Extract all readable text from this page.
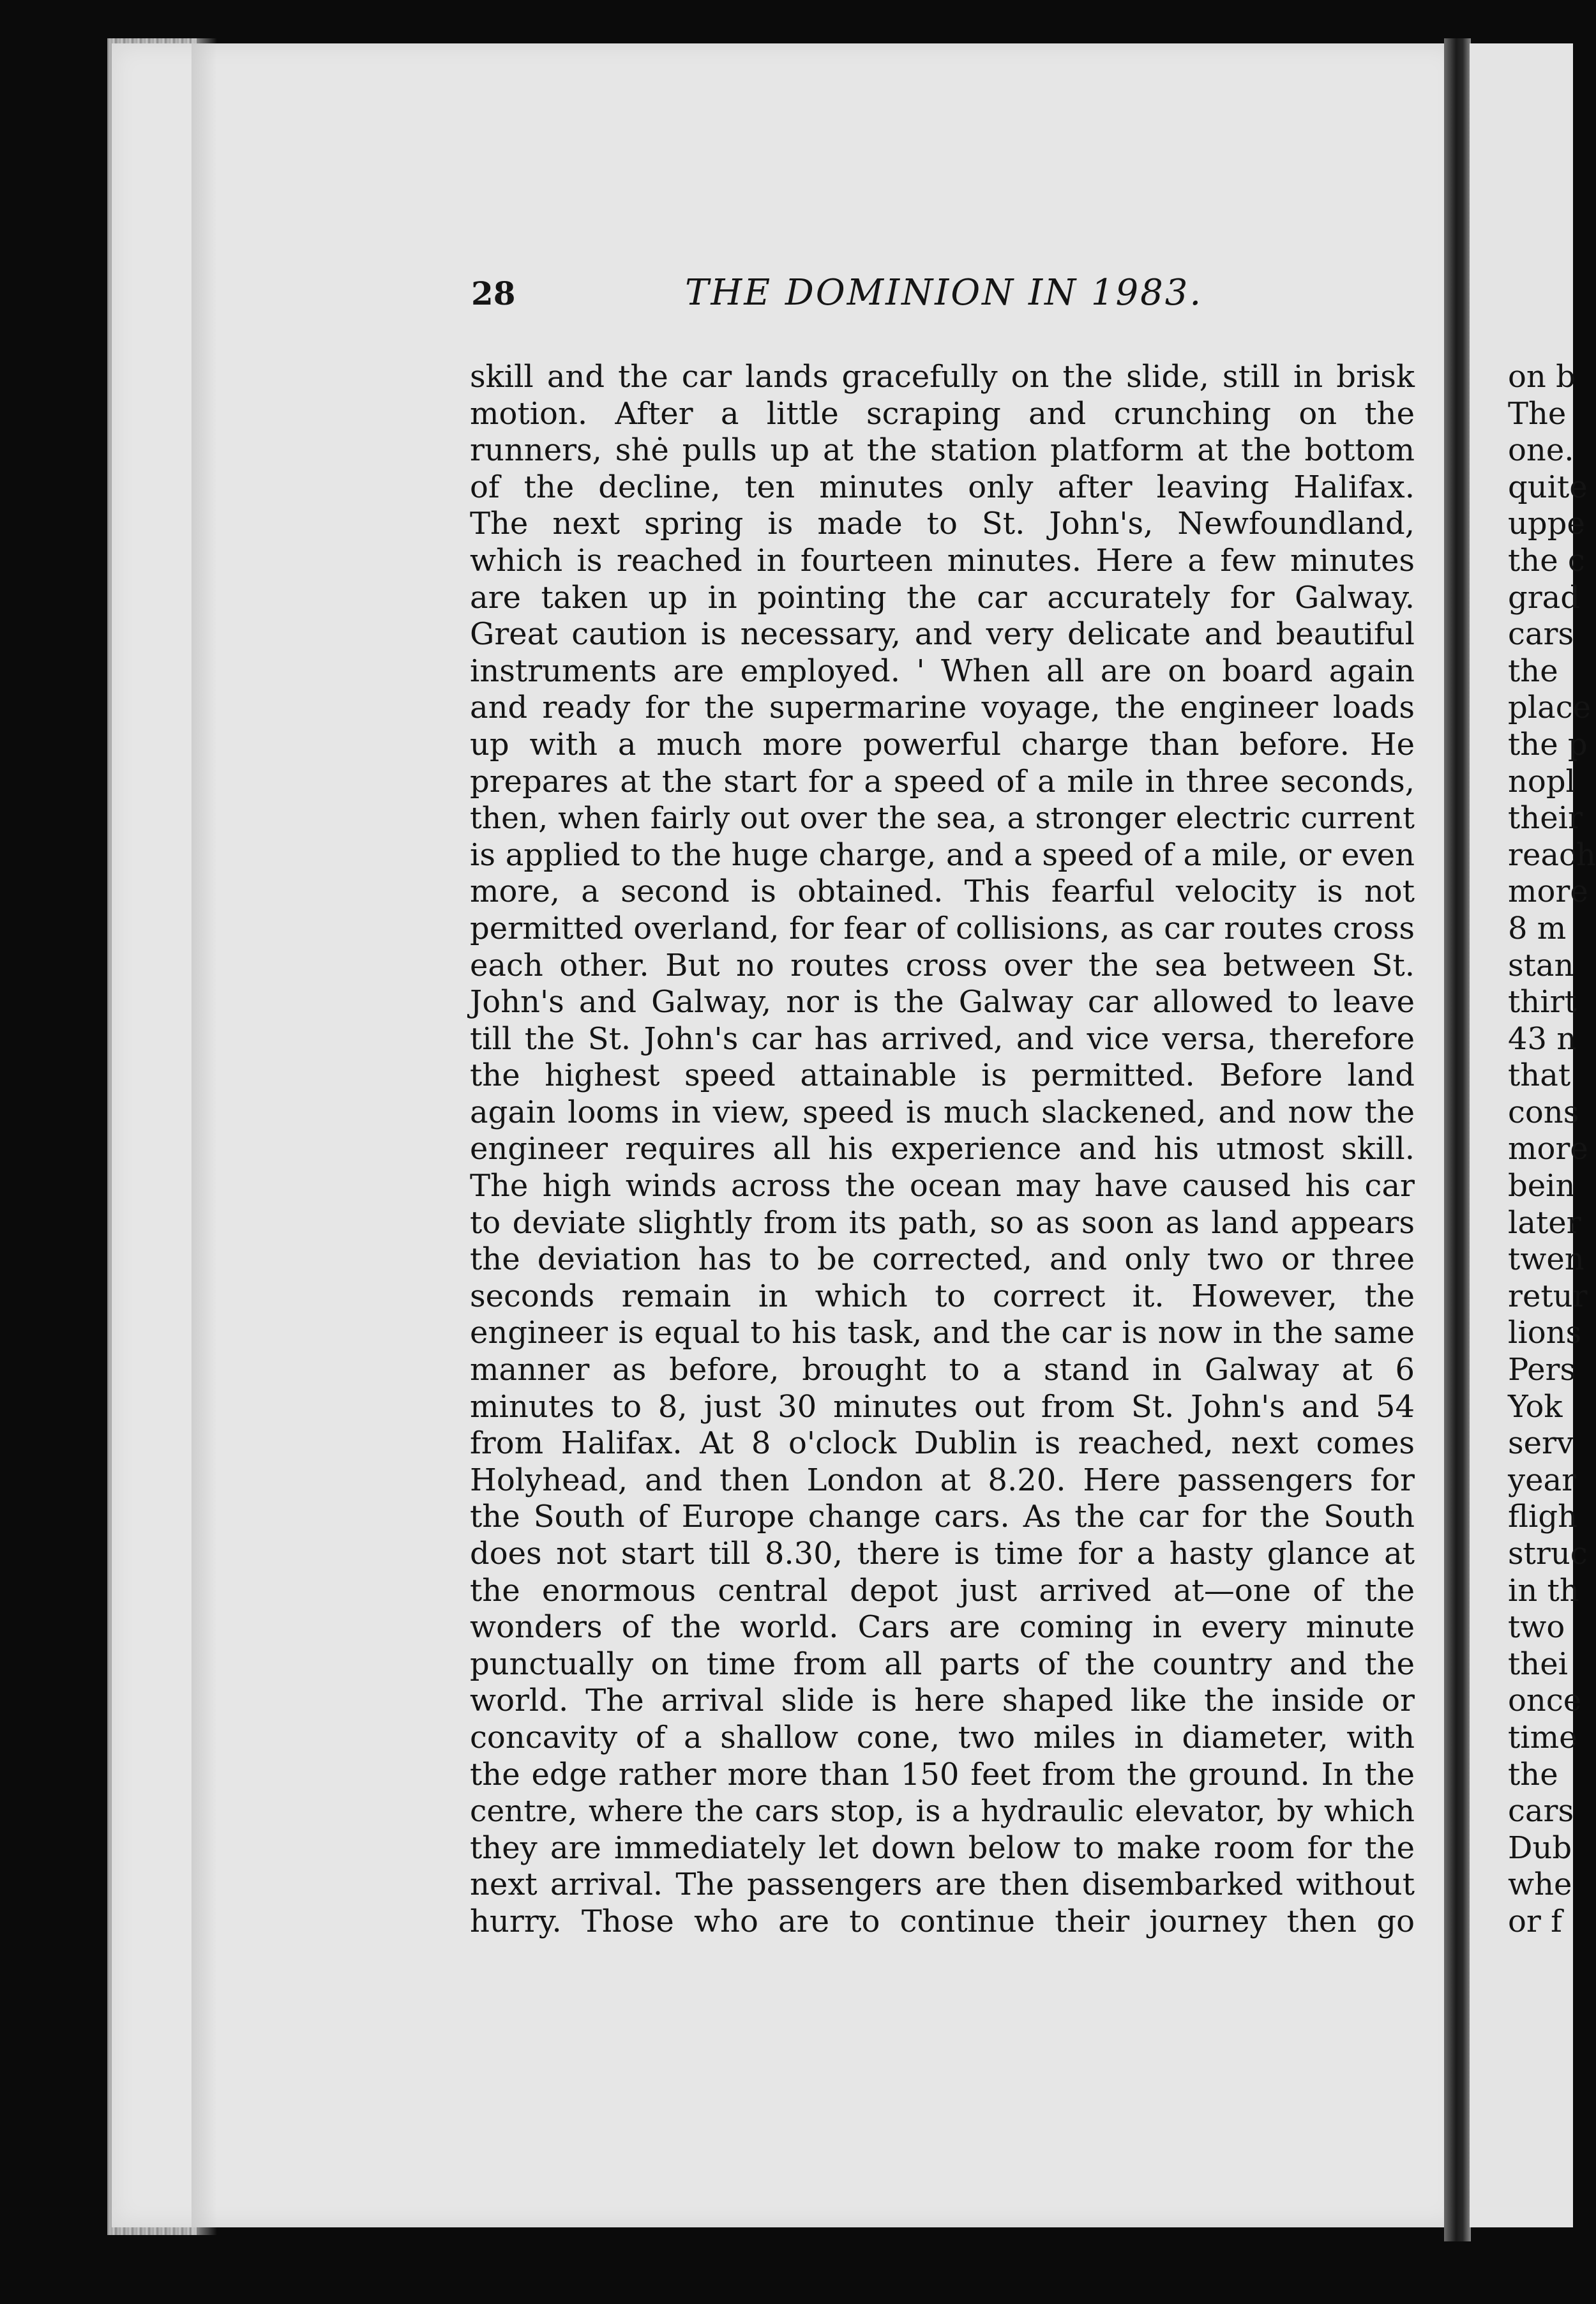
28	THE DOMINION IN 1983.
skill and the car lands gracefully on the slide, still in brisk
motion. After a little scraping and crunching on the
runners, shė pulls up at the station platform at the bottom
of the decline, ten minutes only after leaving Halifax.
The next spring is made to St. John's, Newfoundland,
which is reached in fourteen minutes. Here a few minutes
are taken up in pointing the car accurately for Galway.
Great caution is necessary, and very delicate and beautiful
instruments are employed. ' When all are on board again
and ready for the supermarine voyage, the engineer loads
up with a much more powerful charge than before. He
prepares at the start for a speed of a mile in three seconds,
then, when fairly out over the sea, a stronger electric current
is applied to the huge charge, and a speed of a mile, or even
more, a second is obtained. This fearful velocity is not
permitted overland, for fear of collisions, as car routes cross
each other. But no routes cross over the sea between St.
John's and Galway, nor is the Galway car allowed to leave
till the St. John's car has arrived, and vice versa, therefore
the highest speed attainable is permitted. Before land
again looms in view, speed is much slackened, and now the
engineer requires all his experience and his utmost skill.
The high winds across the ocean may have caused his car
to deviate slightly from its path, so as soon as land appears
the deviation has to be corrected, and only two or three
seconds remain in which to correct it. However, the
engineer is equal to his task, and the car is now in the same
manner as before, brought to a stand in Galway at 6
minutes to 8, just 30 minutes out from St. John's and 54
from Halifax. At 8 o'clock Dublin is reached, next comes
Holyhead, and then London at 8.20. Here passengers for
the South of Europe change cars. As the car for the South
does not start till 8.30, there is time for a hasty glance at
the enormous central depot just arrived at—one of the
wonders of the world. Cars are coming in every minute
punctually on time from all parts of the country and the
world. The arrival slide is here shaped like the inside or
concavity of a shallow cone, two miles in diameter, with
the edge rather more than 150 feet from the ground. In the
centre, where the cars stop, is a hydraulic elevator, by which
they are immediately let down below to make room for the
next arrival. The passengers are then disembarked without
hurry. Those who are to continue their journey then go
on b
The
one.
quite
uppe
the c
grad
cars
the
place
the p
nopl
their
reach
more
8 m
stan
thirt
43 n
that
cons
more
bein
later
twen
retur
lions
Pers
Yok
serv
year
fligh
struc
in th
two
thei
once
time
the
cars
Dub
whe
or f
